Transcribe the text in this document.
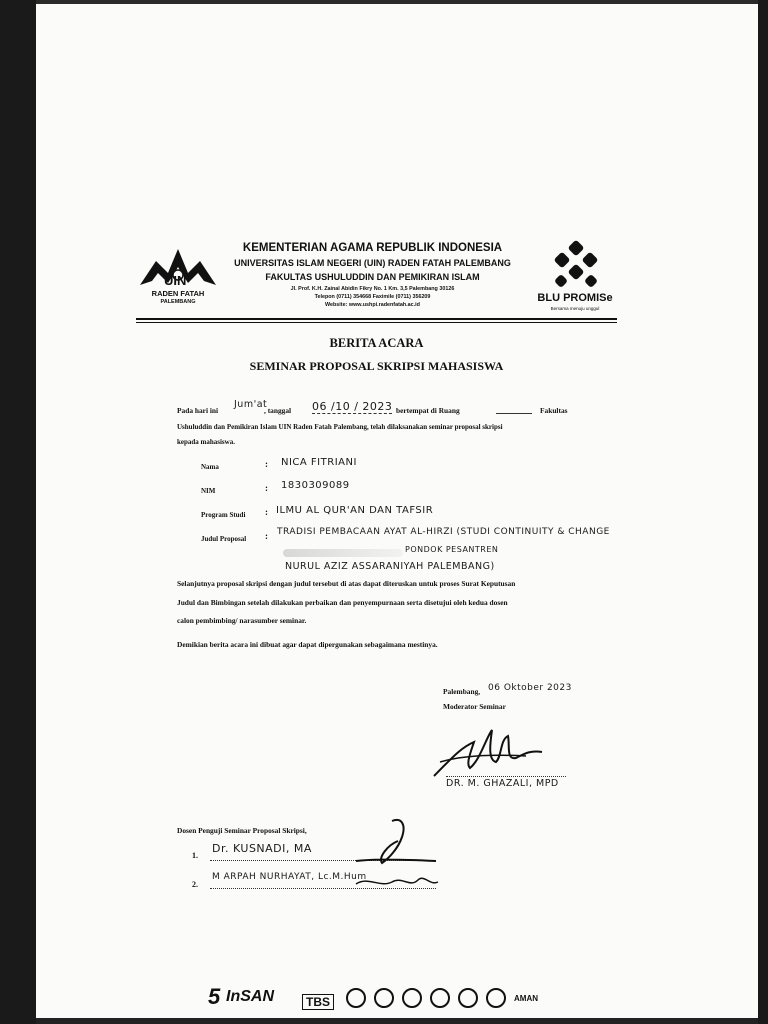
UIN
RADEN FATAH
PALEMBANG
KEMENTERIAN AGAMA REPUBLIK INDONESIA
UNIVERSITAS ISLAM NEGERI (UIN) RADEN FATAH PALEMBANG
FAKULTAS USHULUDDIN DAN PEMIKIRAN ISLAM
Jl. Prof. K.H. Zainal Abidin Fikry No. 1 Km. 3,5 Palembang 30126
Telepon (0711) 354668 Faximile (0711) 356209
Website: www.ushpi.radenfatah.ac.id
BLU PROMISe
Bersama menuju unggul
BERITA ACARA
SEMINAR PROPOSAL SKRIPSI MAHASISWA
Pada hari ini
Jum'at
, tanggal 06 /10 / 2023 bertempat di Ruang	Fakultas
Ushuluddin dan Pemikiran Islam UIN Raden Fatah Palembang, telah dilaksanakan seminar proposal skripsi
kepada mahasiswa.
Nama	: NICA FITRIANI
NIM	: 1830309089
Program Studi : ILMU AL QUR'AN DAN TAFSIR
Judul Proposal : TRADISI PEMBACAAN AYAT AL-HIRZI (STUDI CONTINUITY & CHANGE
PONDOK PESANTREN
NURUL AZIZ ASSARANIYAH PALEMBANG)
Selanjutnya proposal skripsi dengan judul tersebut di atas dapat diteruskan untuk proses Surat Keputusan
Judul dan Bimbingan setelah dilakukan perbaikan dan penyempurnaan serta disetujui oleh kedua dosen
calon pembimbing/ narasumber seminar.
Demikian berita acara ini dibuat agar dapat dipergunakan sebagaimana mestinya.
Palembang, 06 Oktober 2023
Moderator Seminar
DR. M. GHAZALI, MPD
Dosen Penguji Seminar Proposal Skripsi,
1.
Dr. KUSNADI, MA
2.
M ARPAH NURHAYAT, Lc.M.Hum
5 InSAN	TBS	AMAN
